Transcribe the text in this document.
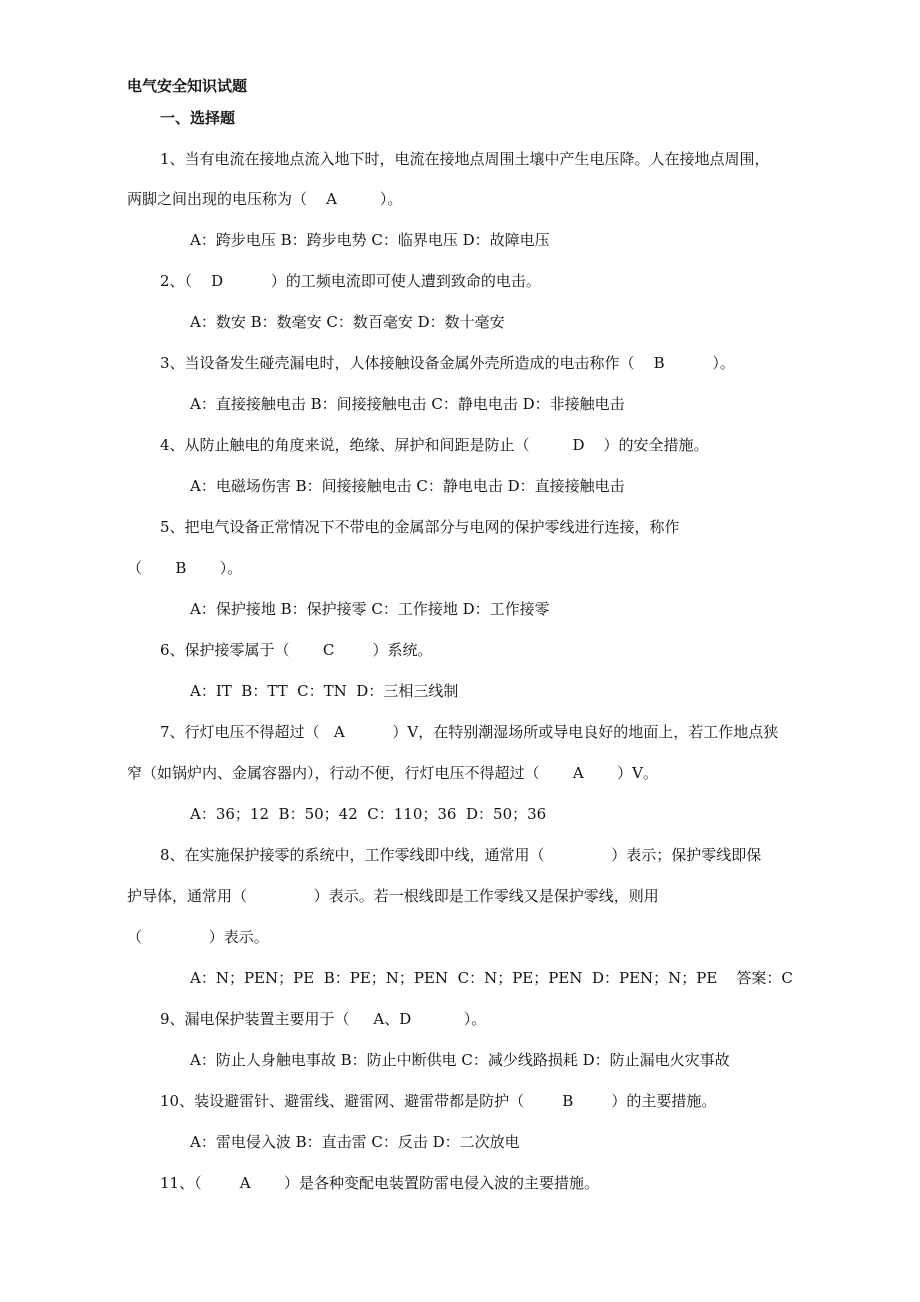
电气安全知识试题
一、选择题
1、当有电流在接地点流入地下时，电流在接地点周围土壤中产生电压降。人在接地点周围，
两脚之间出现的电压称为（    A         ）。
A：跨步电压 B：跨步电势 C：临界电压 D：故障电压
2、（    D          ）的工频电流即可使人遭到致命的电击。
A：数安 B：数毫安 C：数百毫安 D：数十毫安
3、当设备发生碰壳漏电时，人体接触设备金属外壳所造成的电击称作（    B          ）。
A：直接接触电击 B：间接接触电击 C：静电电击 D：非接触电击
4、从防止触电的角度来说，绝缘、屏护和间距是防止（         D    ）的安全措施。
A：电磁场伤害 B：间接接触电击 C：静电电击 D：直接接触电击
5、把电气设备正常情况下不带电的金属部分与电网的保护零线进行连接，称作
（       B       ）。
A：保护接地 B：保护接零 C：工作接地 D：工作接零
6、保护接零属于（       C        ）系统。
A：IT  B：TT  C：TN  D：三相三线制
7、行灯电压不得超过（   A          ）V，在特别潮湿场所或导电良好的地面上，若工作地点狭
窄（如锅炉内、金属容器内），行动不便，行灯电压不得超过（       A       ）V。
A：36；12  B：50；42  C：110；36  D：50；36
8、在实施保护接零的系统中，工作零线即中线，通常用（              ）表示；保护零线即保
护导体，通常用（              ）表示。若一根线即是工作零线又是保护零线，则用
（              ）表示。
A：N；PEN；PE  B：PE；N；PEN  C：N；PE；PEN  D：PEN；N；PE    答案：C
9、漏电保护装置主要用于（     A、D           ）。
A：防止人身触电事故 B：防止中断供电 C：减少线路损耗 D：防止漏电火灾事故
10、装设避雷针、避雷线、避雷网、避雷带都是防护（        B        ）的主要措施。
A：雷电侵入波 B：直击雷 C：反击 D：二次放电
11、（        A       ）是各种变配电装置防雷电侵入波的主要措施。
